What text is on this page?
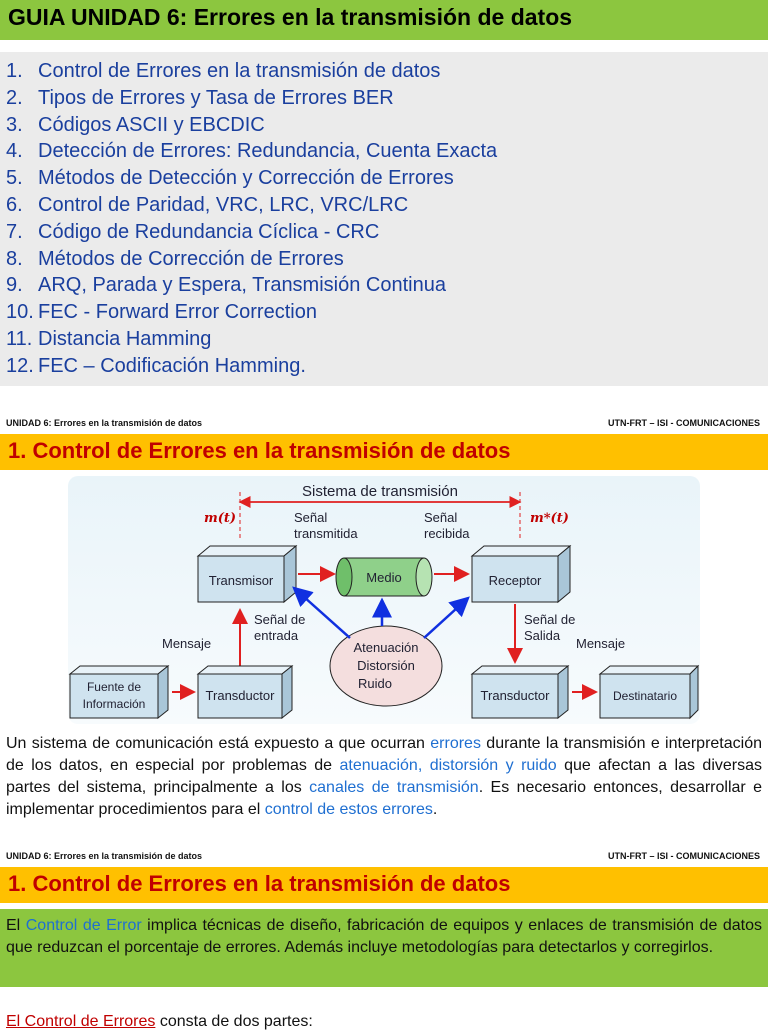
GUIA UNIDAD 6: Errores en la transmisión de datos
1. Control de Errores en la transmisión de datos
2. Tipos de Errores y Tasa de Errores BER
3. Códigos ASCII y EBCDIC
4. Detección de Errores: Redundancia, Cuenta Exacta
5. Métodos de Detección y Corrección de Errores
6. Control de Paridad, VRC, LRC, VRC/LRC
7. Código de Redundancia Cíclica - CRC
8. Métodos de Corrección de Errores
9. ARQ, Parada y Espera, Transmisión Continua
10. FEC - Forward Error Correction
11. Distancia Hamming
12. FEC – Codificación Hamming.
UNIDAD 6: Errores en la transmisión de datos	UTN-FRT – ISI - COMUNICACIONES
1. Control de Errores en la transmisión de datos
Sistema de transmisión
m(t)	m*(t)
Señal
transmitida
Señal
recibida
Transmisor	Medio	Receptor
Señal de
entrada
Señal de
Salida
Mensaje	Mensaje
Atenuación
Distorsión
Ruido
Fuente de
Información
Transductor	Transductor	Destinatario
Un sistema de comunicación está expuesto a que ocurran errores durante la transmisión e interpretación de los datos, en especial por problemas de atenuación, distorsión y ruido que afectan a las diversas partes del sistema, principalmente a los canales de transmisión. Es necesario entonces, desarrollar e implementar procedimientos para el control de estos errores.
UNIDAD 6: Errores en la transmisión de datos	UTN-FRT – ISI - COMUNICACIONES
1. Control de Errores en la transmisión de datos
El Control de Error implica técnicas de diseño, fabricación de equipos y enlaces de transmisión de datos que reduzcan el porcentaje de errores. Además incluye metodologías para detectarlos y corregirlos.
El Control de Errores consta de dos partes:
